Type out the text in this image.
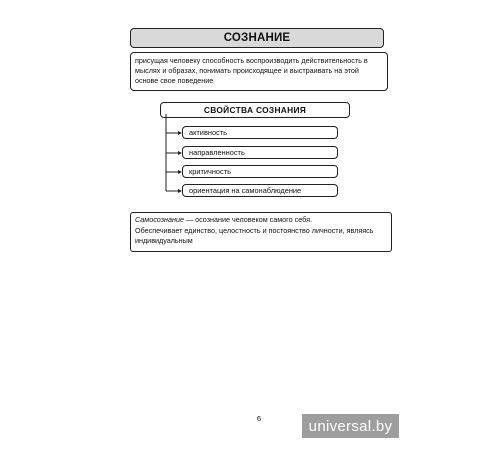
СОЗНАНИЕ
присущая человеку способность воспроизводить действительность в мыслях и образах, понимать происходящее и выстраивать на этой основе свое поведение
СВОЙСТВА СОЗНАНИЯ
активность
направленность
критичность
ориентация на самонаблюдение
Самосознание — осознание человеком самого себя.
Обеспечивает единство, целостность и постоянство личности, являясь индивидуальным
6	universal.by
